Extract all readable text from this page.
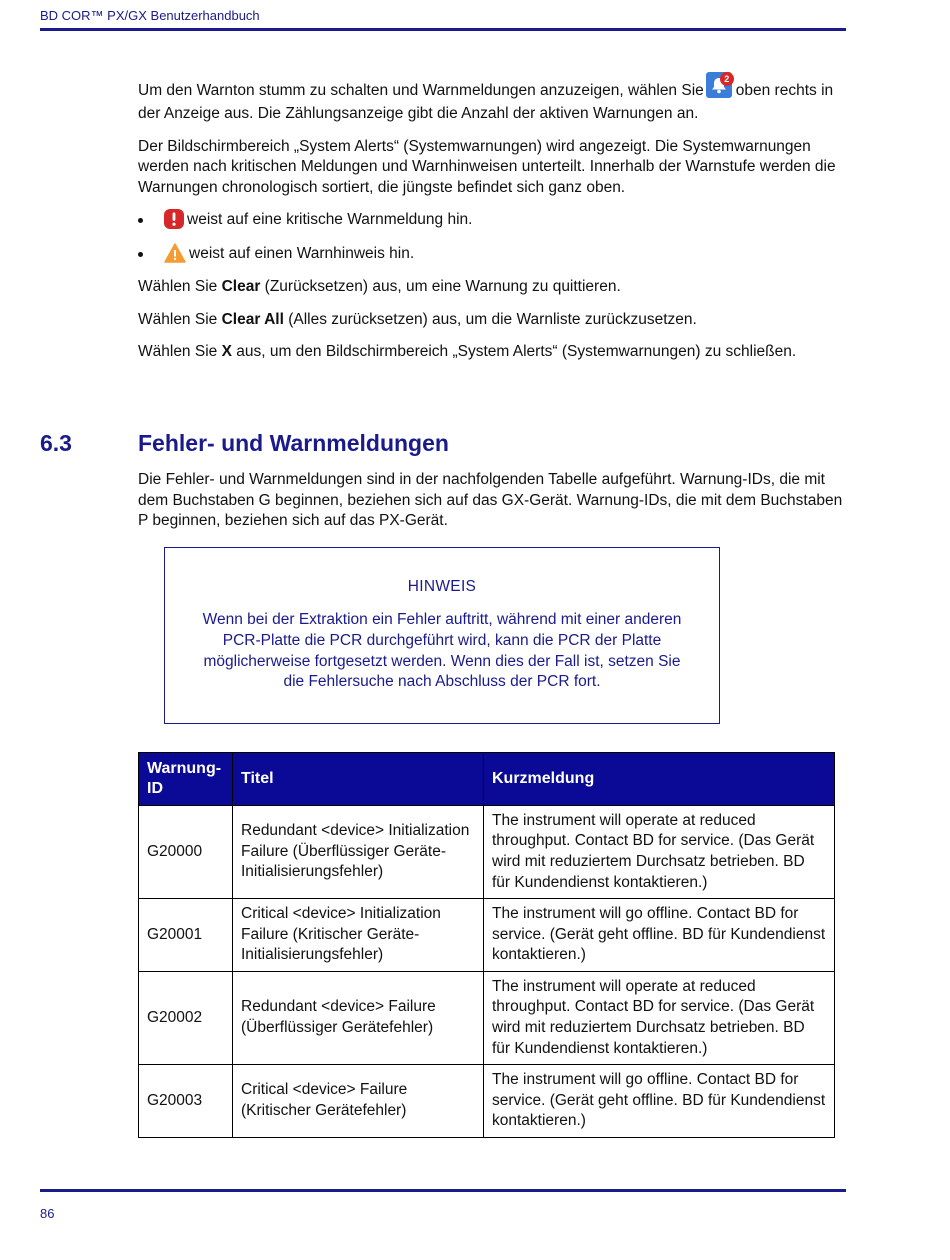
BD COR™ PX/GX Benutzerhandbuch

Um den Warnton stumm zu schalten und Warnmeldungen anzuzeigen, wählen Sie
2
oben rechts in der Anzeige aus. Die Zählungsanzeige gibt die Anzahl der aktiven Warnungen an.

Der Bildschirmbereich „System Alerts“ (Systemwarnungen) wird angezeigt. Die Systemwarnungen werden nach kritischen Meldungen und Warnhinweisen unterteilt. Innerhalb der Warnstufe werden die Warnungen chronologisch sortiert, die jüngste befindet sich ganz oben.

weist auf eine kritische Warnmeldung hin.
weist auf einen Warnhinweis hin.

Wählen Sie Clear (Zurücksetzen) aus, um eine Warnung zu quittieren.

Wählen Sie Clear All (Alles zurücksetzen) aus, um die Warnliste zurückzusetzen.

Wählen Sie X aus, um den Bildschirmbereich „System Alerts“ (Systemwarnungen) zu schließen.

6.3	Fehler- und Warnmeldungen

Die Fehler- und Warnmeldungen sind in der nachfolgenden Tabelle aufgeführt. Warnung-IDs, die mit dem Buchstaben G beginnen, beziehen sich auf das GX-Gerät. Warnung-IDs, die mit dem Buchstaben P beginnen, beziehen sich auf das PX-Gerät.

HINWEIS
Wenn bei der Extraktion ein Fehler auftritt, während mit einer anderen PCR-Platte die PCR durchgeführt wird, kann die PCR der Platte möglicherweise fortgesetzt werden. Wenn dies der Fall ist, setzen Sie die Fehlersuche nach Abschluss der PCR fort.
Warnung-ID	Titel	Kurzmeldung
G20000	Redundant <device> Initialization Failure (Überflüssiger Geräte-Initialisierungsfehler)	The instrument will operate at reduced throughput. Contact BD for service. (Das Gerät wird mit reduziertem Durchsatz betrieben. BD für Kundendienst kontaktieren.)
G20001	Critical <device> Initialization Failure (Kritischer Geräte-Initialisierungsfehler)	The instrument will go offline. Contact BD for service. (Gerät geht offline. BD für Kundendienst kontaktieren.)
G20002	Redundant <device> Failure (Überflüssiger Gerätefehler)	The instrument will operate at reduced throughput. Contact BD for service. (Das Gerät wird mit reduziertem Durchsatz betrieben. BD für Kundendienst kontaktieren.)
G20003	Critical <device> Failure (Kritischer Gerätefehler)	The instrument will go offline. Contact BD for service. (Gerät geht offline. BD für Kundendienst kontaktieren.)
86
